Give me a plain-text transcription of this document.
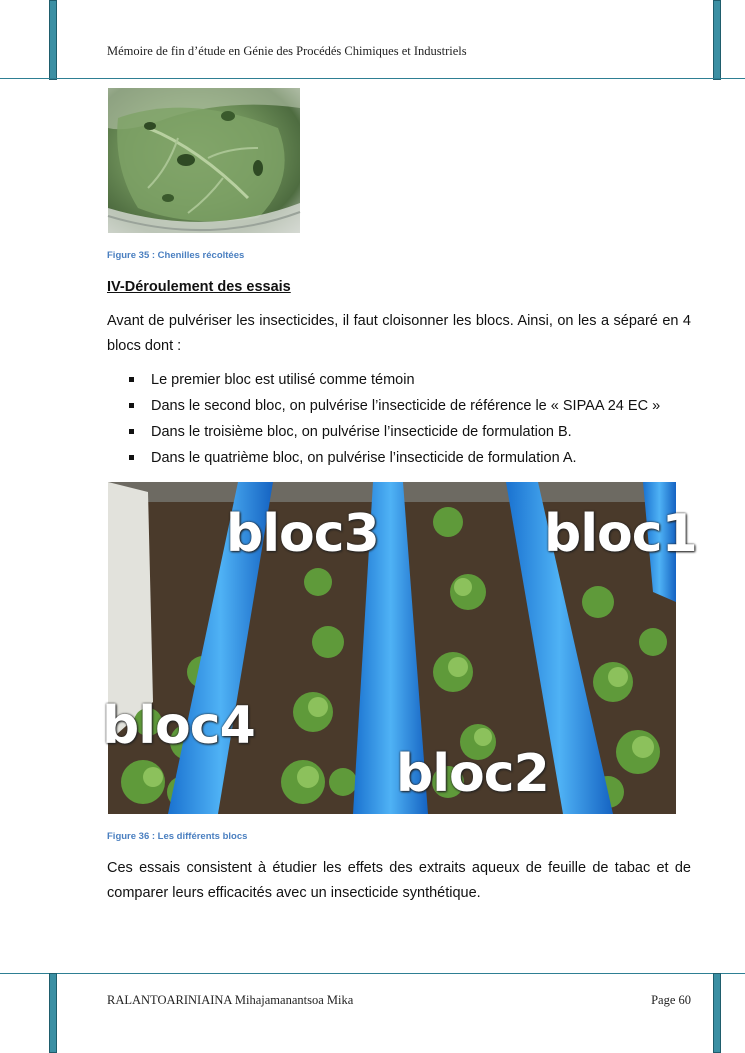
Mémoire de fin d’étude en Génie des Procédés Chimiques et Industriels
Figure 35 : Chenilles récoltées
IV-Déroulement des essais
Avant de pulvériser les insecticides, il faut cloisonner les blocs. Ainsi, on les a séparé en 4 blocs dont :
Le premier bloc est utilisé comme témoin
Dans le second bloc, on pulvérise l’insecticide de référence le « SIPAA 24 EC »
Dans le troisième bloc, on pulvérise l’insecticide de formulation B.
Dans le quatrième bloc, on pulvérise l’insecticide de formulation A.
bloc3	bloc1
bloc4
bloc2
Figure 36 : Les différents blocs
Ces essais consistent à étudier les effets des extraits aqueux de feuille de tabac et de comparer leurs efficacités avec un insecticide synthétique.
RALANTOARINIAINA Mihajamanantsoa Mika	Page 60
